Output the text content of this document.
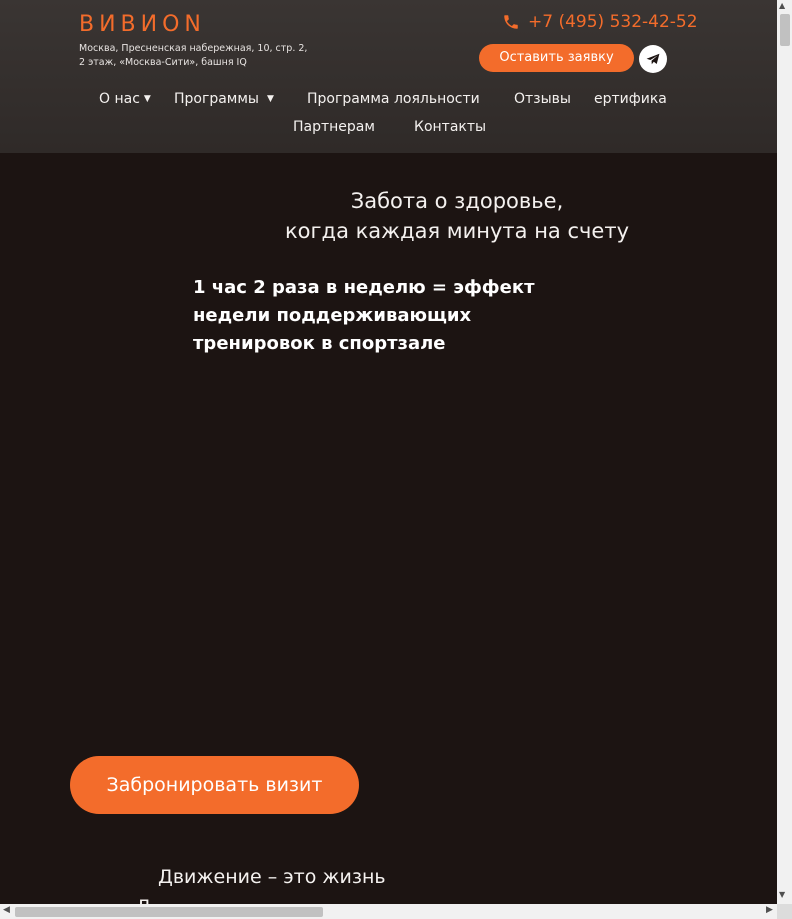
ВИВИОN
Москва, Пресненская набережная, 10, стр. 2, 2 этаж, «Москва-Сити», башня IQ
+7 (495) 532-42-52
Оставить заявку
О нас ▼ Программы ▼ Программа лояльности Отзывы ертифика
Партнерам	Контакты
Забота о здоровье,
когда каждая минута на счету
1 час 2 раза в неделю = эффект недели поддерживающих тренировок в спортзале
Забронировать визит
Движение – это жизнь
▲
▼
◀	▶
